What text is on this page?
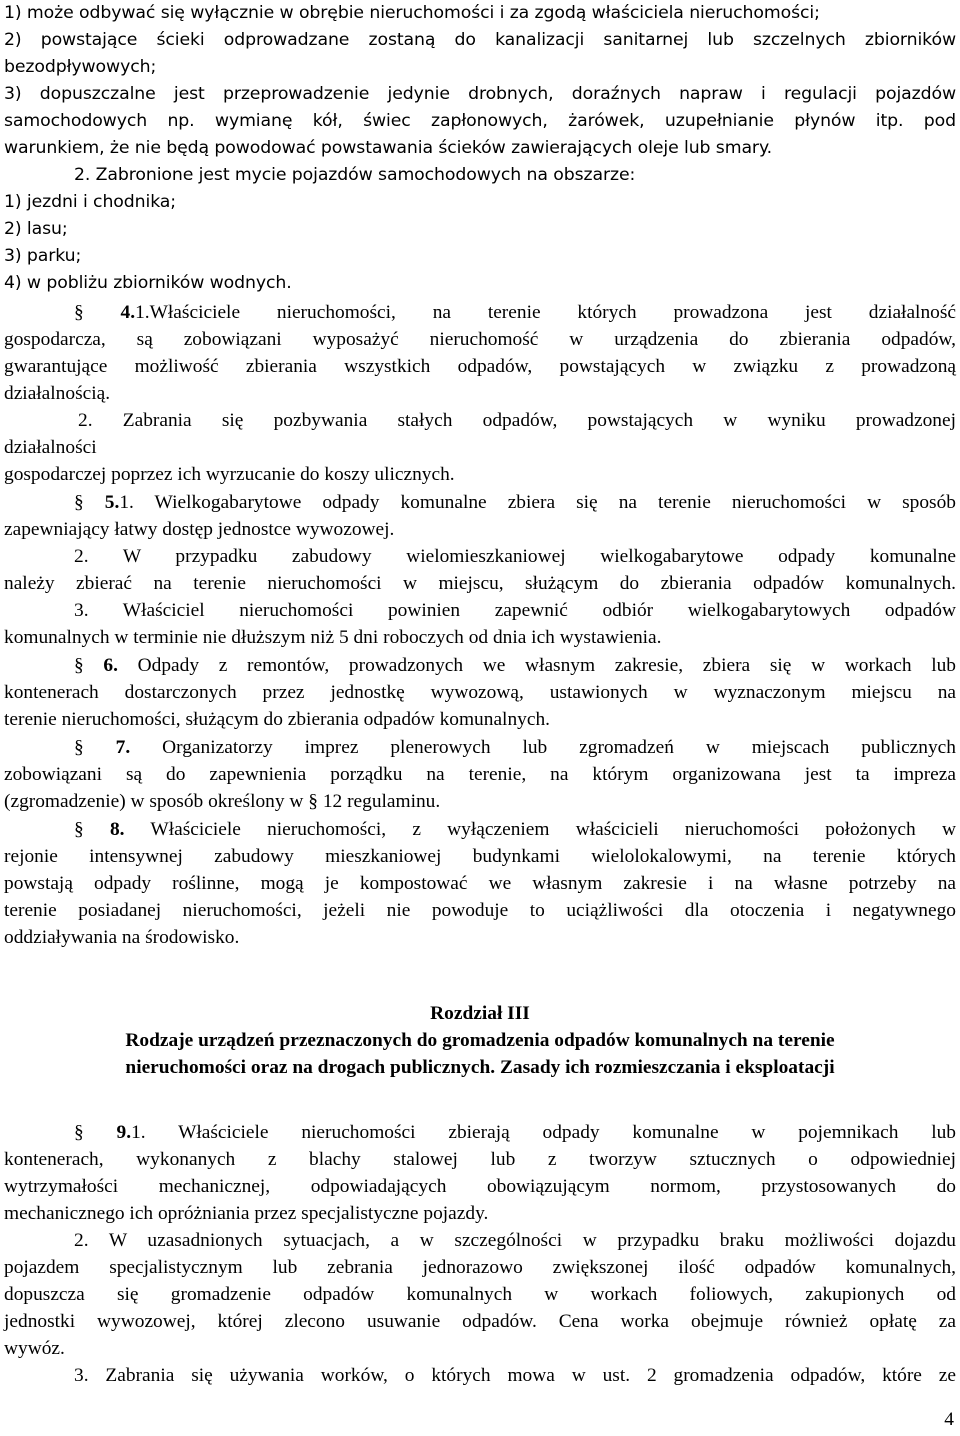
1) może odbywać się wyłącznie w obrębie nieruchomości i za zgodą właściciela nieruchomości;
2) powstające ścieki odprowadzane zostaną do kanalizacji sanitarnej lub szczelnych zbiorników
bezodpływowych;
3) dopuszczalne jest przeprowadzenie jedynie drobnych, doraźnych napraw i regulacji pojazdów
samochodowych np. wymianę kół, świec zapłonowych, żarówek, uzupełnianie płynów itp. pod
warunkiem, że nie będą powodować powstawania ścieków zawierających oleje lub smary.
2. Zabronione jest mycie pojazdów samochodowych na obszarze:
1) jezdni i chodnika;
2) lasu;
3) parku;
4) w pobliżu zbiorników wodnych.
§ 4.1.Właściciele nieruchomości, na terenie których prowadzona jest działalność
gospodarcza, są zobowiązani wyposażyć nieruchomość w urządzenia do zbierania odpadów,
gwarantujące możliwość zbierania wszystkich odpadów, powstających w związku z prowadzoną
działalnością.
2. Zabrania się pozbywania stałych odpadów, powstających w wyniku prowadzonej
działalności
gospodarczej poprzez ich wyrzucanie do koszy ulicznych.
§ 5.1. Wielkogabarytowe odpady komunalne zbiera się na terenie nieruchomości w sposób
zapewniający łatwy dostęp jednostce wywozowej.
2. W przypadku zabudowy wielomieszkaniowej wielkogabarytowe odpady komunalne
należy zbierać na terenie nieruchomości w miejscu, służącym do zbierania odpadów komunalnych.
3. Właściciel nieruchomości powinien zapewnić odbiór wielkogabarytowych odpadów
komunalnych w terminie nie dłuższym niż 5 dni roboczych od dnia ich wystawienia.
§ 6. Odpady z remontów, prowadzonych we własnym zakresie, zbiera się w workach lub
kontenerach dostarczonych przez jednostkę wywozową, ustawionych w wyznaczonym miejscu na
terenie nieruchomości, służącym do zbierania odpadów komunalnych.
§ 7. Organizatorzy imprez plenerowych lub zgromadzeń w miejscach publicznych
zobowiązani są do zapewnienia porządku na terenie, na którym organizowana jest ta impreza
(zgromadzenie) w sposób określony w § 12 regulaminu.
§ 8. Właściciele nieruchomości, z wyłączeniem właścicieli nieruchomości położonych w
rejonie intensywnej zabudowy mieszkaniowej budynkami wielolokalowymi, na terenie których
powstają odpady roślinne, mogą je kompostować we własnym zakresie i na własne potrzeby na
terenie posiadanej nieruchomości, jeżeli nie powoduje to uciążliwości dla otoczenia i negatywnego
oddziaływania na środowisko.
Rozdział III
Rodzaje urządzeń przeznaczonych do gromadzenia odpadów komunalnych na terenie
nieruchomości oraz na drogach publicznych. Zasady ich rozmieszczania i eksploatacji
§ 9.1. Właściciele nieruchomości zbierają odpady komunalne w pojemnikach lub
kontenerach, wykonanych z blachy stalowej lub z tworzyw sztucznych o odpowiedniej
wytrzymałości mechanicznej, odpowiadających obowiązującym normom, przystosowanych do
mechanicznego ich opróżniania przez specjalistyczne pojazdy.
2. W uzasadnionych sytuacjach, a w szczególności w przypadku braku możliwości dojazdu
pojazdem specjalistycznym lub zebrania jednorazowo zwiększonej ilość odpadów komunalnych,
dopuszcza się gromadzenie odpadów komunalnych w workach foliowych, zakupionych od
jednostki wywozowej, której zlecono usuwanie odpadów. Cena worka obejmuje również opłatę za
wywóz.
3. Zabrania się używania worków, o których mowa w ust. 2 gromadzenia odpadów, które ze
4
